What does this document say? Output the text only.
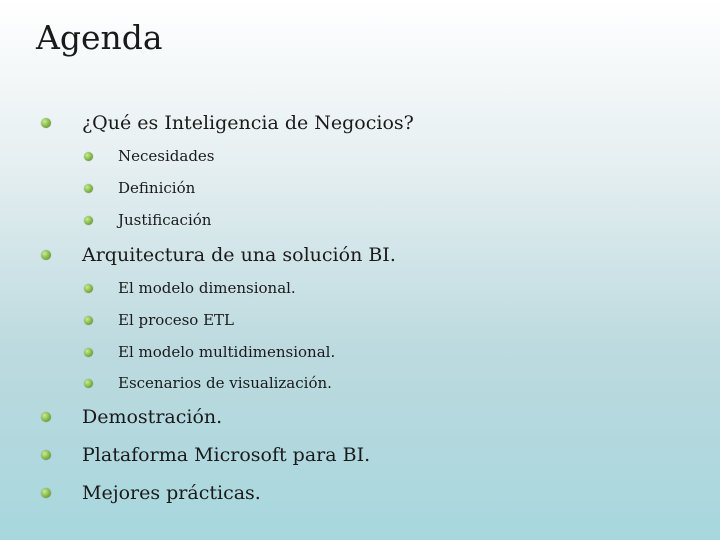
Agenda
¿Qué es Inteligencia de Negocios?
Necesidades
Definición
Justificación
Arquitectura de una solución BI.
El modelo dimensional.
El proceso ETL
El modelo multidimensional.
Escenarios de visualización.
Demostración.
Plataforma Microsoft para BI.
Mejores prácticas.
